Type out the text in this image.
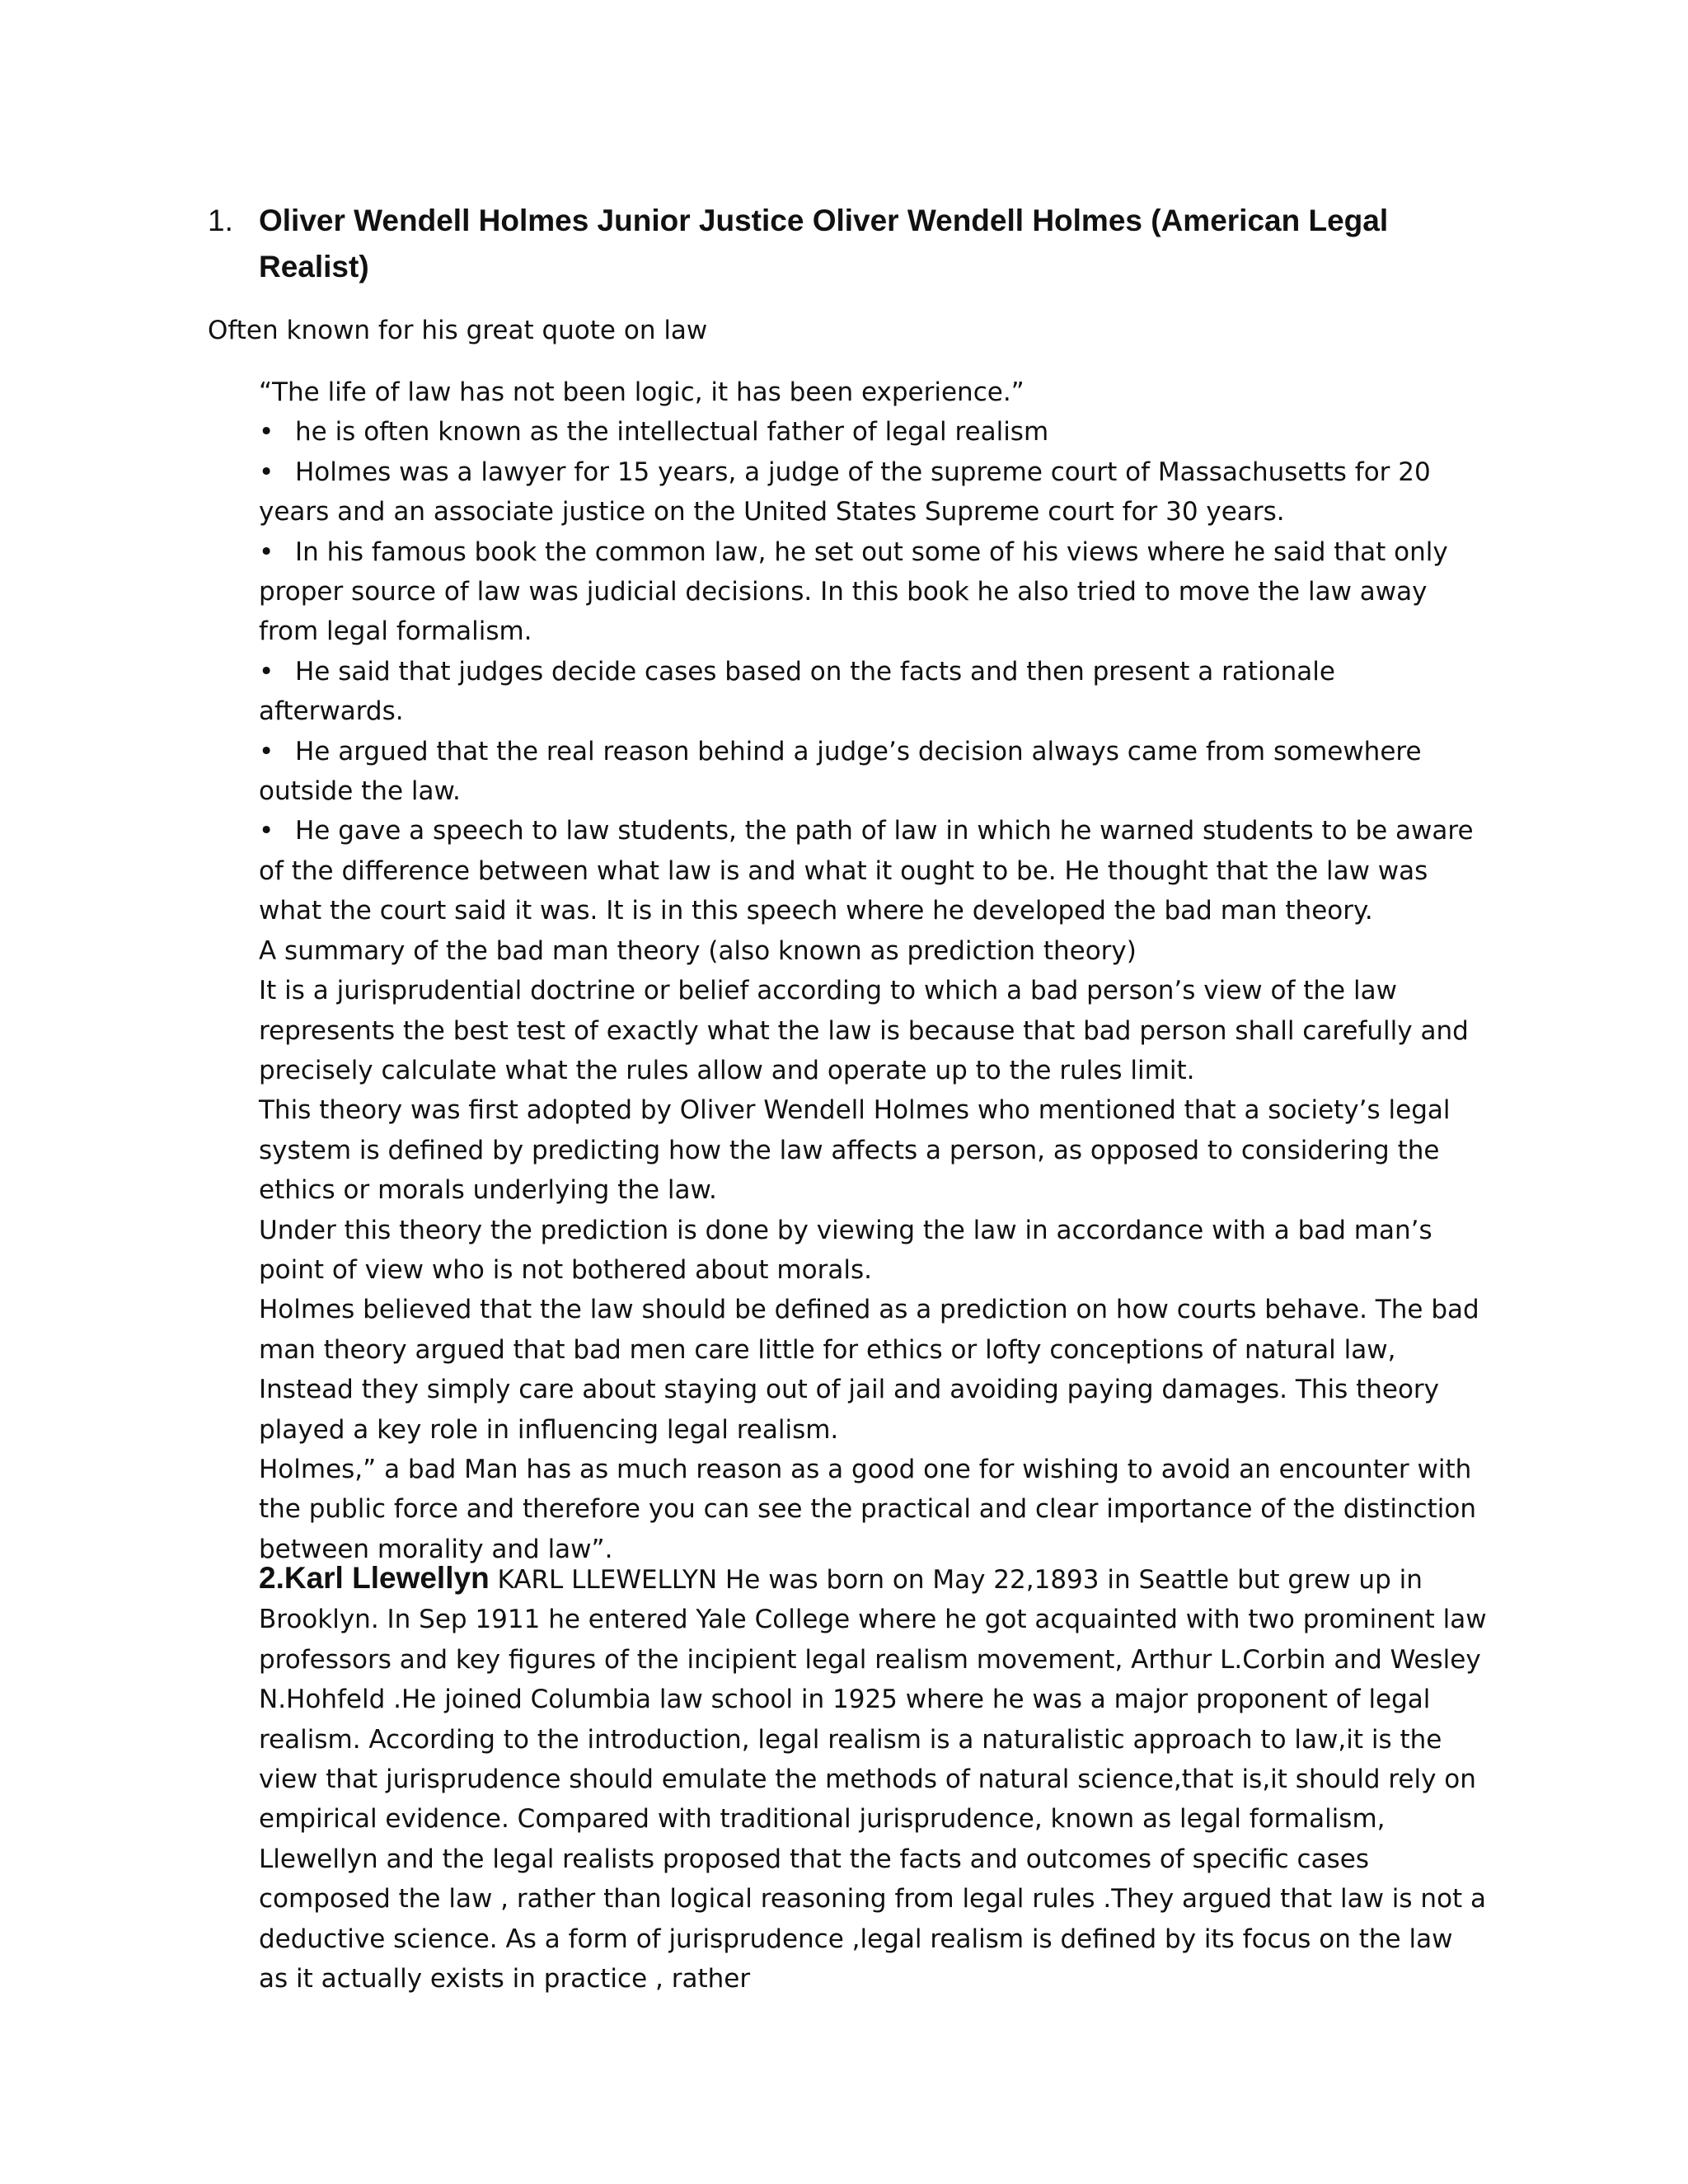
1. Oliver Wendell Holmes Junior Justice Oliver Wendell Holmes (American Legal Realist)
Often known for his great quote on law

“The life of law has not been logic, it has been experience.”

• he is often known as the intellectual father of legal realism

• Holmes was a lawyer for 15 years, a judge of the supreme court of Massachusetts for 20 years and an associate justice on the United States Supreme court for 30 years.

• In his famous book the common law, he set out some of his views where he said that only proper source of law was judicial decisions. In this book he also tried to move the law away from legal formalism.

• He said that judges decide cases based on the facts and then present a rationale afterwards.

• He argued that the real reason behind a judge’s decision always came from somewhere outside the law.

• He gave a speech to law students, the path of law in which he warned students to be aware of the difference between what law is and what it ought to be. He thought that the law was what the court said it was. It is in this speech where he developed the bad man theory.

A summary of the bad man theory (also known as prediction theory)

It is a jurisprudential doctrine or belief according to which a bad person’s view of the law represents the best test of exactly what the law is because that bad person shall carefully and precisely calculate what the rules allow and operate up to the rules limit.

This theory was first adopted by Oliver Wendell Holmes who mentioned that a society’s legal system is defined by predicting how the law affects a person, as opposed to considering the ethics or morals underlying the law.

Under this theory the prediction is done by viewing the law in accordance with a bad man’s point of view who is not bothered about morals.

Holmes believed that the law should be defined as a prediction on how courts behave. The bad man theory argued that bad men care little for ethics or lofty conceptions of natural law, Instead they simply care about staying out of jail and avoiding paying damages. This theory played a key role in influencing legal realism.

Holmes,” a bad Man has as much reason as a good one for wishing to avoid an encounter with the public force and therefore you can see the practical and clear importance of the distinction between morality and law”.

2.Karl Llewellyn KARL LLEWELLYN He was born on May 22,1893 in Seattle but grew up in Brooklyn. In Sep 1911 he entered Yale College where he got acquainted with two prominent law professors and key figures of the incipient legal realism movement, Arthur L.Corbin and Wesley N.Hohfeld .He joined Columbia law school in 1925 where he was a major proponent of legal realism. According to the introduction, legal realism is a naturalistic approach to law,it is the view that jurisprudence should emulate the methods of natural science,that is,it should rely on empirical evidence. Compared with traditional jurisprudence, known as legal formalism, Llewellyn and the legal realists proposed that the facts and outcomes of specific cases composed the law , rather than logical reasoning from legal rules .They argued that law is not a deductive science. As a form of jurisprudence ,legal realism is defined by its focus on the law as it actually exists in practice , rather
